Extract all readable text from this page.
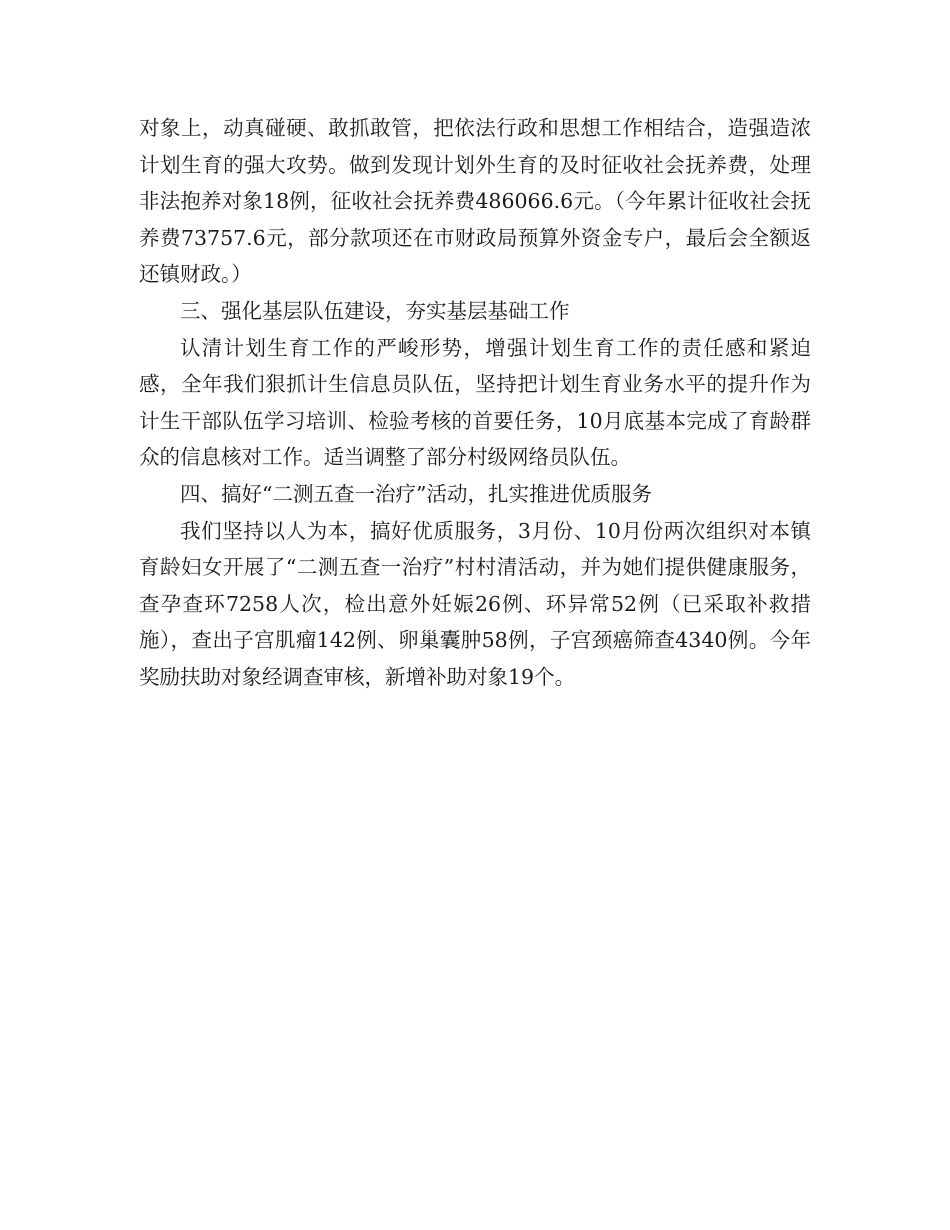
对象上，动真碰硬、敢抓敢管，把依法行政和思想工作相结合，造强造浓计划生育的强大攻势。做到发现计划外生育的及时征收社会抚养费，处理非法抱养对象18例，征收社会抚养费486066.6元。（今年累计征收社会抚养费73757.6元，部分款项还在市财政局预算外资金专户，最后会全额返还镇财政。）

三、强化基层队伍建设，夯实基层基础工作

认清计划生育工作的严峻形势，增强计划生育工作的责任感和紧迫感，全年我们狠抓计生信息员队伍，坚持把计划生育业务水平的提升作为计生干部队伍学习培训、检验考核的首要任务，10月底基本完成了育龄群众的信息核对工作。适当调整了部分村级网络员队伍。

四、搞好“二测五查一治疗”活动，扎实推进优质服务

我们坚持以人为本，搞好优质服务，3月份、10月份两次组织对本镇育龄妇女开展了“二测五查一治疗”村村清活动，并为她们提供健康服务，查孕查环7258人次，检出意外妊娠26例、环异常52例（已采取补救措施），查出子宫肌瘤142例、卵巢囊肿58例，子宫颈癌筛查4340例。今年奖励扶助对象经调查审核，新增补助对象19个。
